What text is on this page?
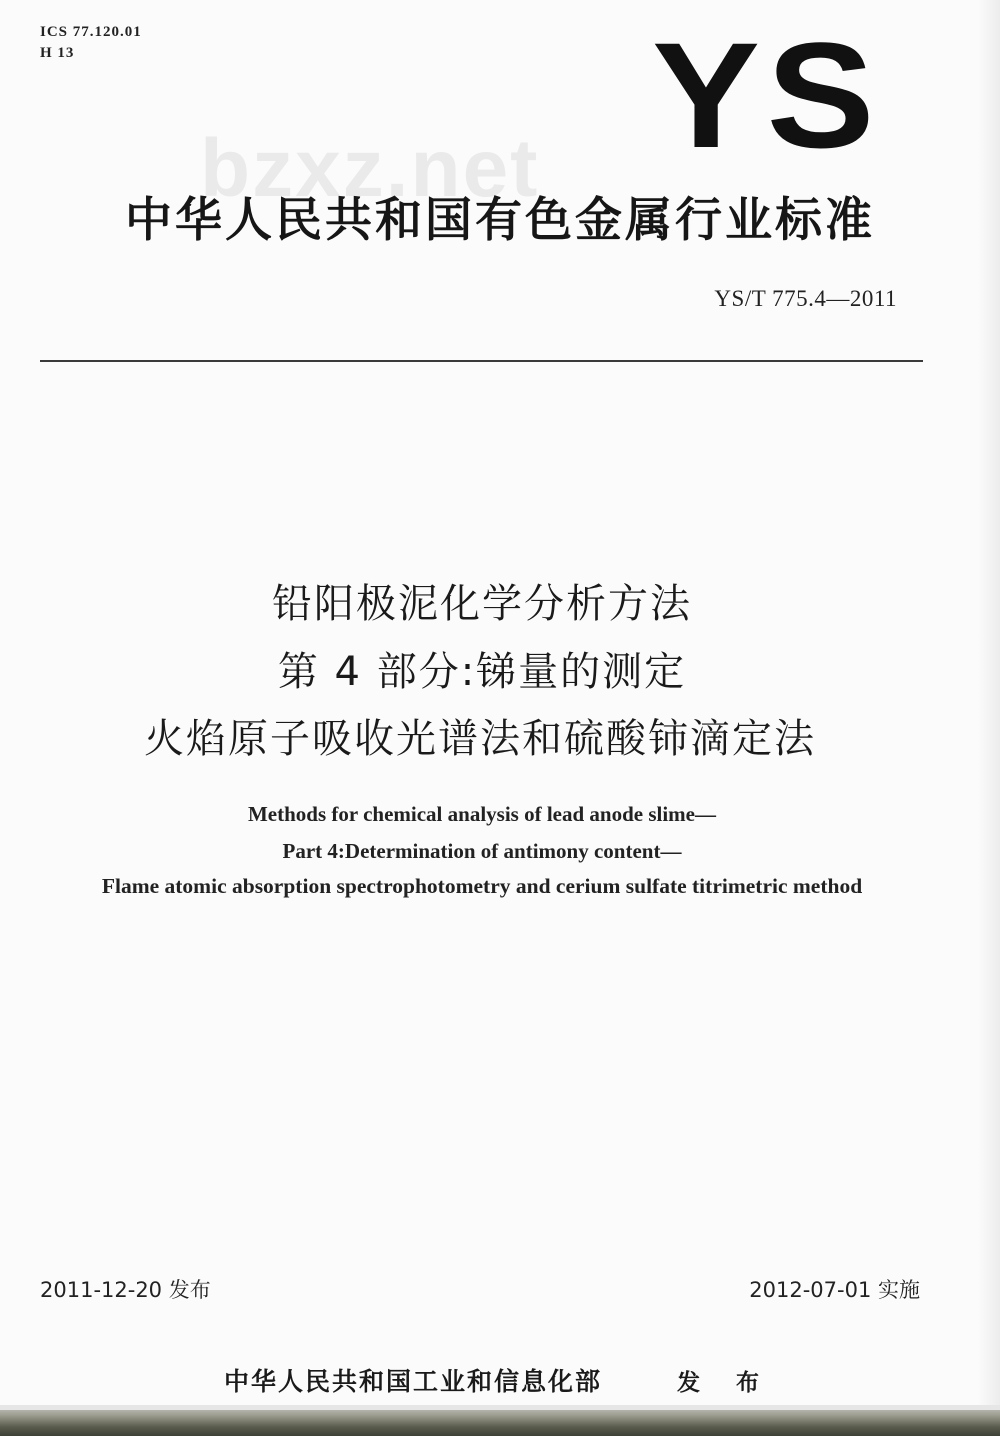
ICS 77.120.01
H 13	YS
bzxz.net
中华人民共和国有色金属行业标准
YS/T 775.4—2011
铅阳极泥化学分析方法
第 4 部分:锑量的测定
火焰原子吸收光谱法和硫酸铈滴定法
Methods for chemical analysis of lead anode slime—
Part 4:Determination of antimony content—
Flame atomic absorption spectrophotometry and cerium sulfate titrimetric method
2011-12-20 发布	2012-07-01 实施
中华人民共和国工业和信息化部	发 布
